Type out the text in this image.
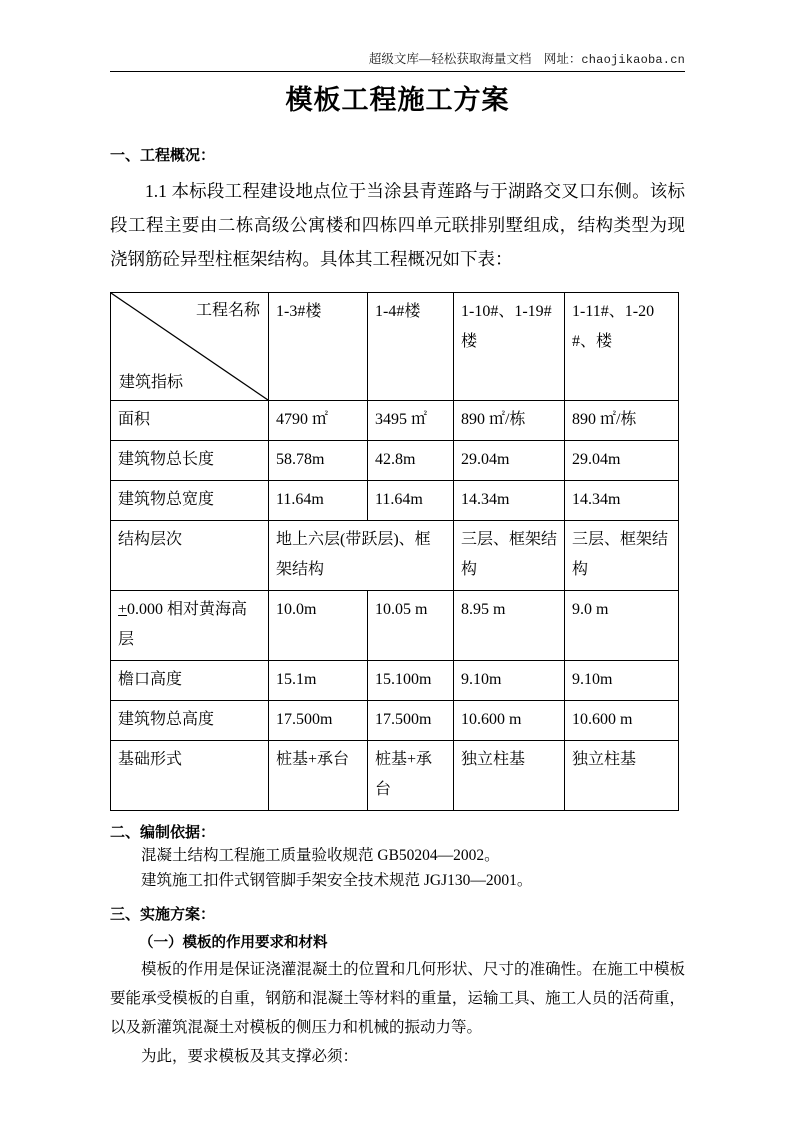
超级文库—轻松获取海量文档 网址：chaojikaoba.cn
模板工程施工方案
一、工程概况：

1.1 本标段工程建设地点位于当涂县青莲路与于湖路交叉口东侧。该标段工程主要由二栋高级公寓楼和四栋四单元联排别墅组成，结构类型为现浇钢筋砼异型柱框架结构。具体其工程概况如下表：

工程名称
建筑指标	1-3#楼	1-4#楼	1-10#、1-19#楼	1-11#、1-20#、楼
面积	4790 ㎡	3495 ㎡	890 ㎡/栋	890 ㎡/栋
建筑物总长度	58.78m	42.8m	29.04m	29.04m
建筑物总宽度	11.64m	11.64m	14.34m	14.34m
结构层次	地上六层(带跃层)、框架结构		三层、框架结构	三层、框架结构
+0.000 相对黄海高层	10.0m	10.05 m	8.95 m	9.0 m
檐口高度	15.1m	15.100m	9.10m	9.10m
建筑物总高度	17.500m	17.500m	10.600 m	10.600 m
基础形式	桩基+承台	桩基+承台	独立柱基	独立柱基
二、编制依据：

混凝土结构工程施工质量验收规范 GB50204—2002。

建筑施工扣件式钢管脚手架安全技术规范 JGJ130—2001。

三、实施方案：
（一）模板的作用要求和材料

模板的作用是保证浇灌混凝土的位置和几何形状、尺寸的准确性。在施工中模板要能承受模板的自重，钢筋和混凝土等材料的重量，运输工具、施工人员的活荷重，以及新灌筑混凝土对模板的侧压力和机械的振动力等。

为此，要求模板及其支撑必须：
